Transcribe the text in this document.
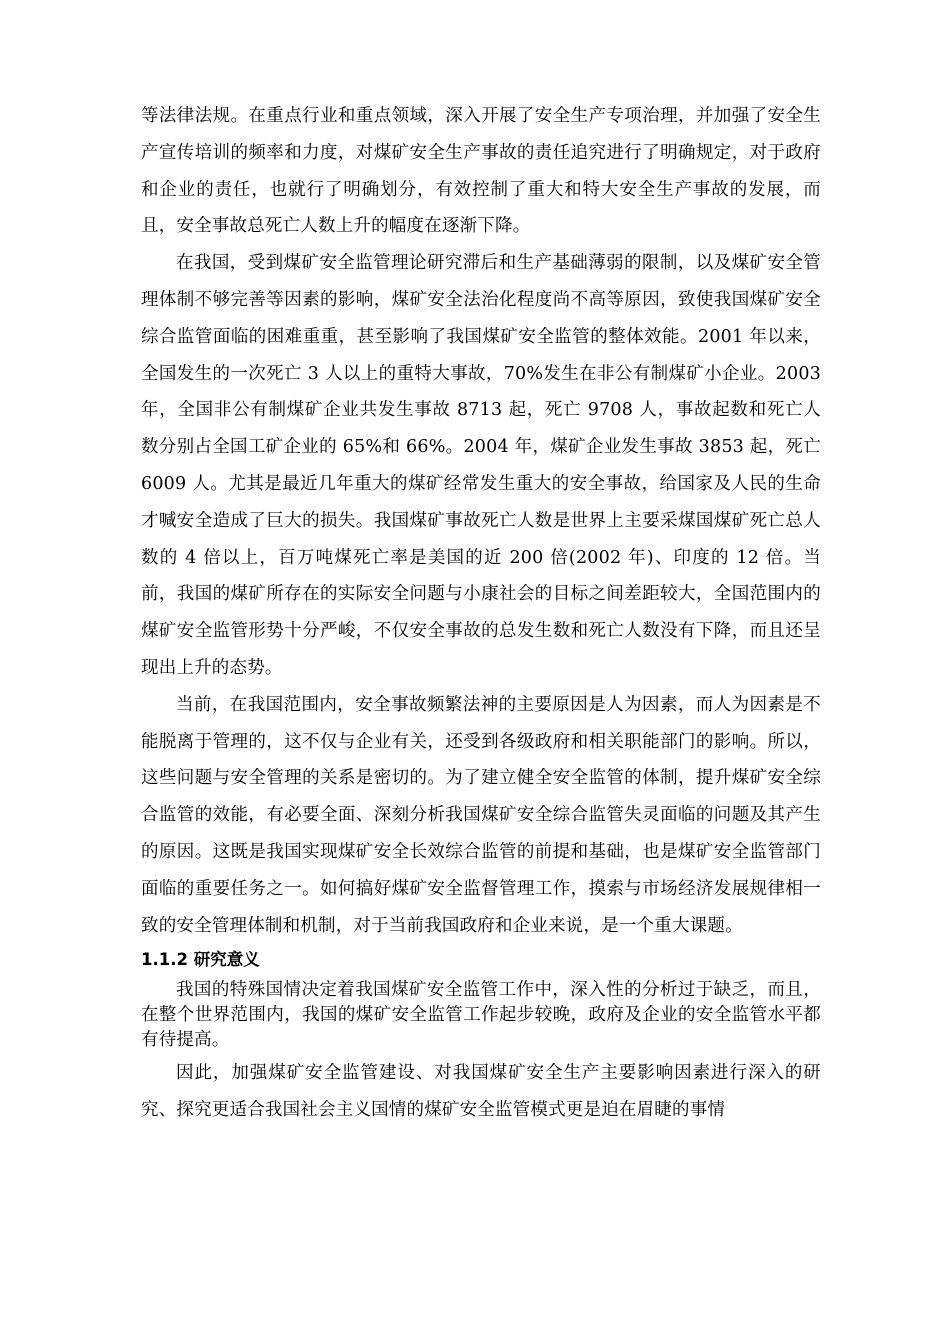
等法律法规。在重点行业和重点领域，深入开展了安全生产专项治理，并加强了安全生产宣传培训的频率和力度，对煤矿安全生产事故的责任追究进行了明确规定，对于政府和企业的责任，也就行了明确划分，有效控制了重大和特大安全生产事故的发展，而且，安全事故总死亡人数上升的幅度在逐渐下降。

在我国，受到煤矿安全监管理论研究滞后和生产基础薄弱的限制，以及煤矿安全管理体制不够完善等因素的影响，煤矿安全法治化程度尚不高等原因，致使我国煤矿安全综合监管面临的困难重重，甚至影响了我国煤矿安全监管的整体效能。2001 年以来，全国发生的一次死亡 3 人以上的重特大事故，70%发生在非公有制煤矿小企业。2003 年，全国非公有制煤矿企业共发生事故 8713 起，死亡 9708 人，事故起数和死亡人数分别占全国工矿企业的 65%和 66%。2004 年，煤矿企业发生事故 3853 起，死亡 6009 人。尤其是最近几年重大的煤矿经常发生重大的安全事故，给国家及人民的生命才喊安全造成了巨大的损失。我国煤矿事故死亡人数是世界上主要采煤国煤矿死亡总人数的 4 倍以上，百万吨煤死亡率是美国的近 200 倍(2002 年)、印度的 12 倍。当前，我国的煤矿所存在的实际安全问题与小康社会的目标之间差距较大，全国范围内的煤矿安全监管形势十分严峻，不仅安全事故的总发生数和死亡人数没有下降，而且还呈现出上升的态势。

当前，在我国范围内，安全事故频繁法神的主要原因是人为因素，而人为因素是不能脱离于管理的，这不仅与企业有关，还受到各级政府和相关职能部门的影响。所以，这些问题与安全管理的关系是密切的。为了建立健全安全监管的体制，提升煤矿安全综合监管的效能，有必要全面、深刻分析我国煤矿安全综合监管失灵面临的问题及其产生的原因。这既是我国实现煤矿安全长效综合监管的前提和基础，也是煤矿安全监管部门面临的重要任务之一。如何搞好煤矿安全监督管理工作，摸索与市场经济发展规律相一致的安全管理体制和机制，对于当前我国政府和企业来说，是一个重大课题。

1.1.2 研究意义

我国的特殊国情决定着我国煤矿安全监管工作中，深入性的分析过于缺乏，而且，在整个世界范围内，我国的煤矿安全监管工作起步较晚，政府及企业的安全监管水平都有待提高。

因此，加强煤矿安全监管建设、对我国煤矿安全生产主要影响因素进行深入的研究、探究更适合我国社会主义国情的煤矿安全监管模式更是迫在眉睫的事情
